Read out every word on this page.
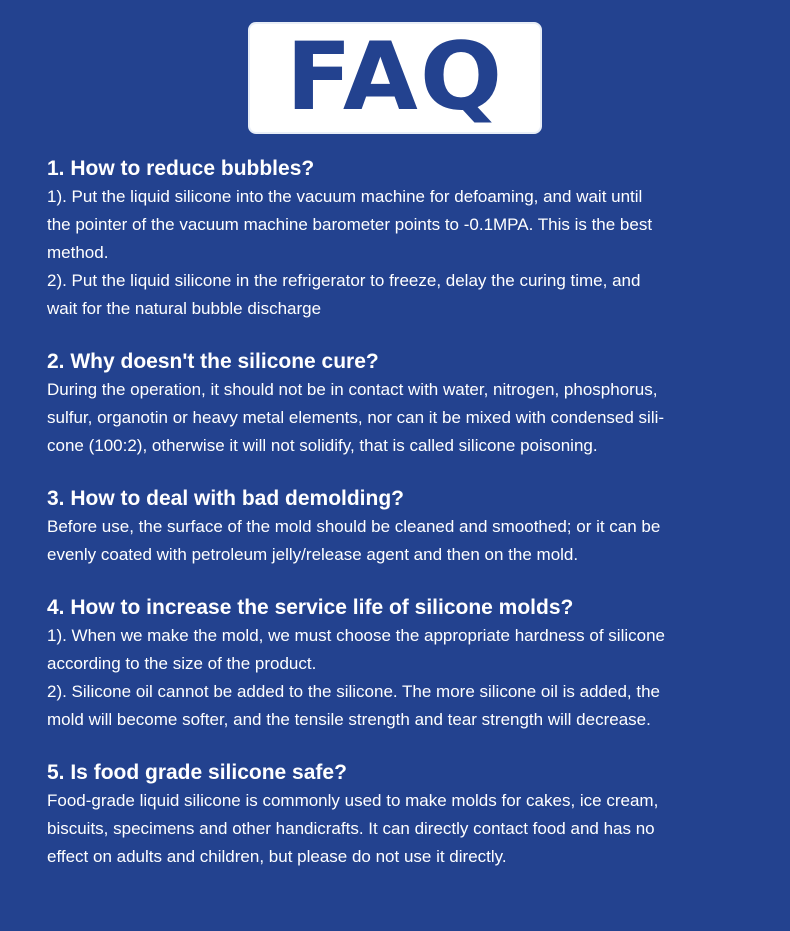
FAQ
1. How to reduce bubbles?

1). Put the liquid silicone into the vacuum machine for defoaming, and wait until
the pointer of the vacuum machine barometer points to -0.1MPA. This is the best
method.
2). Put the liquid silicone in the refrigerator to freeze, delay the curing time, and
wait for the natural bubble discharge

2. Why doesn't the silicone cure?

During the operation, it should not be in contact with water, nitrogen, phosphorus,
sulfur, organotin or heavy metal elements, nor can it be mixed with condensed sili-
cone (100:2), otherwise it will not solidify, that is called silicone poisoning.

3. How to deal with bad demolding?

Before use, the surface of the mold should be cleaned and smoothed; or it can be
evenly coated with petroleum jelly/release agent and then on the mold.

4. How to increase the service life of silicone molds?

1). When we make the mold, we must choose the appropriate hardness of silicone
according to the size of the product.
2). Silicone oil cannot be added to the silicone. The more silicone oil is added, the
mold will become softer, and the tensile strength and tear strength will decrease.

5. Is food grade silicone safe?

Food-grade liquid silicone is commonly used to make molds for cakes, ice cream,
biscuits, specimens and other handicrafts. It can directly contact food and has no
effect on adults and children, but please do not use it directly.
